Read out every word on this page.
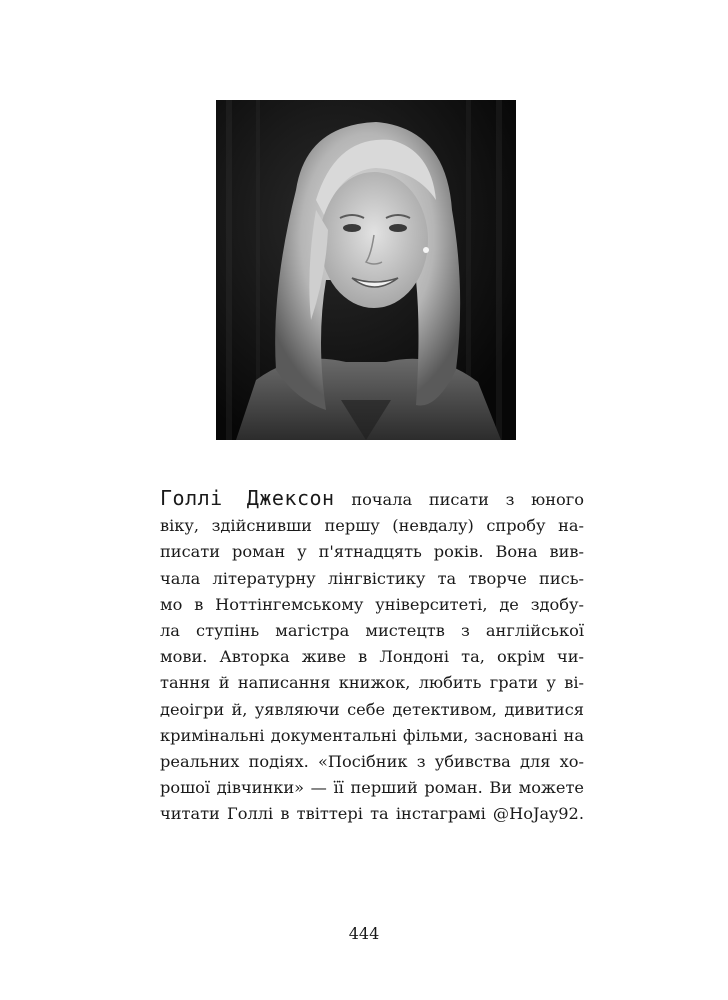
Голлі Джексон почала писати з юного
віку, здійснивши першу (невдалу) спробу на-
писати роман у п'ятнадцять років. Вона вив-
чала літературну лінгвістику та творче пись-
мо в Ноттінгемському університеті, де здобу-
ла ступінь магістра мистецтв з англійської
мови. Авторка живе в Лондоні та, окрім чи-
тання й написання книжок, любить грати у ві-
деоігри й, уявляючи себе детективом, дивитися
кримінальні документальні фільми, засновані на
реальних подіях. «Посібник з убивства для хо-
рошої дівчинки» — її перший роман. Ви можете
читати Голлі в твіттері та інстаграмі @HoJay92.

444
